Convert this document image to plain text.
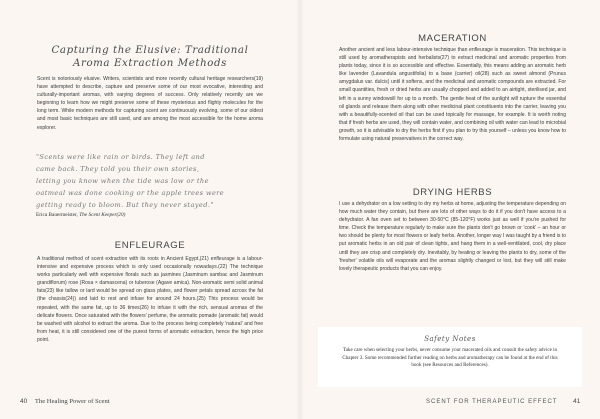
Capturing the Elusive: Traditional

Aroma Extraction Methods

Scent is notoriously elusive. Writers, scientists and more recently cultural heritage researchers(19) have attempted to describe, capture and preserve some of our most evocative, interesting and culturally-important aromas, with varying degrees of success. Only relatively recently are we beginning to learn how we might preserve some of these mysterious and flighty molecules for the long term. While modern methods for capturing scent are continuously evolving, some of our oldest and most basic techniques are still used, and are among the most accessible for the home aroma explorer.

"Scents were like rain or birds. They left and

came back. They told you their own stories,

letting you know when the tide was low or the

oatmeal was done cooking or the apple trees were

getting ready to bloom. But they never stayed."

Erica Bauermeister, The Scent Keeper(20)

ENFLEURAGE

A traditional method of scent extraction with its roots in Ancient Egypt,(21) enfleurage is a labour-intensive and expensive process which is only used occasionally nowadays.(22) The technique works particularly well with expensive florals such as jasmines (Jasminum sambac and Jasminum grandiflorum) rose (Rosa × damascena) or tuberose (Agave amica). Non-aromatic semi solid animal fats(23) like tallow or lard would be spread on glass plates, and flower petals spread across the fat (the chassis(24)) and laid to rest and infuse for around 24 hours.(25) This process would be repeated, with the same fat, up to 36 times(26) to infuse it with the rich, sensual aromas of the delicate flowers. Once saturated with the flowers' perfume, the aromatic pomade (aromatic fat) would be washed with alcohol to extract the aroma. Due to the process being completely 'natural' and free from heat, it is still considered one of the purest forms of aromatic extraction, hence the high price point.

40 The Healing Power of Scent

MACERATION

Another ancient and less labour-intensive technique than enfleurage is maceration. This technique is still used by aromatherapists and herbalists(27) to extract medicinal and aromatic properties from plants today, since it is so accessible and effective. Essentially, this means adding an aromatic herb like lavender (Lavandula angustifolia) to a base (carrier) oil(28) such as sweet almond (Prunus amygdalus var. dulcis) until it softens, and the medicinal and aromatic compounds are extracted. For small quantities, fresh or dried herbs are usually chopped and added to an airtight, sterilised jar, and left in a sunny windowsill for up to a month. The gentle heat of the sunlight will rupture the essential oil glands and release them along with other medicinal plant constituents into the carrier, leaving you with a beautifully-scented oil that can be used topically for massage, for example. It is worth noting that if fresh herbs are used, they will contain water, and combining oil with water can lead to microbial growth, so it is advisable to dry the herbs first if you plan to try this yourself – unless you know how to formulate using natural preservatives in the correct way.

DRYING HERBS

I use a dehydrator on a low setting to dry my herbs at home, adjusting the temperature depending on how much water they contain, but there are lots of other ways to do it if you don't have access to a dehydrator. A fan oven set to between 30-50°C (85-120°F) works just as well if you're pushed for time. Check the temperature regularly to make sure the plants don't go brown or 'cook' – an hour or two should be plenty for most flowers or leafy herbs. Another, longer way I was taught by a friend is to put aromatic herbs in an old pair of clean tights, and hang them in a well-ventilated, cool, dry place until they are crisp and completely dry. Inevitably, by heating or leaving the plants to dry, some of the 'fresher' volatile oils will evaporate and the aromas slightly changed or lost, but they will still make lovely therapeutic products that you can enjoy.

Safety Notes
Take care when selecting your herbs, never consume your macerated oils and consult the safety advice in Chapter 3. Some recommended further reading on herbs and aromatherapy can be found at the end of this book (see Resources and References).
SCENT FOR THERAPEUTIC EFFECT 41
